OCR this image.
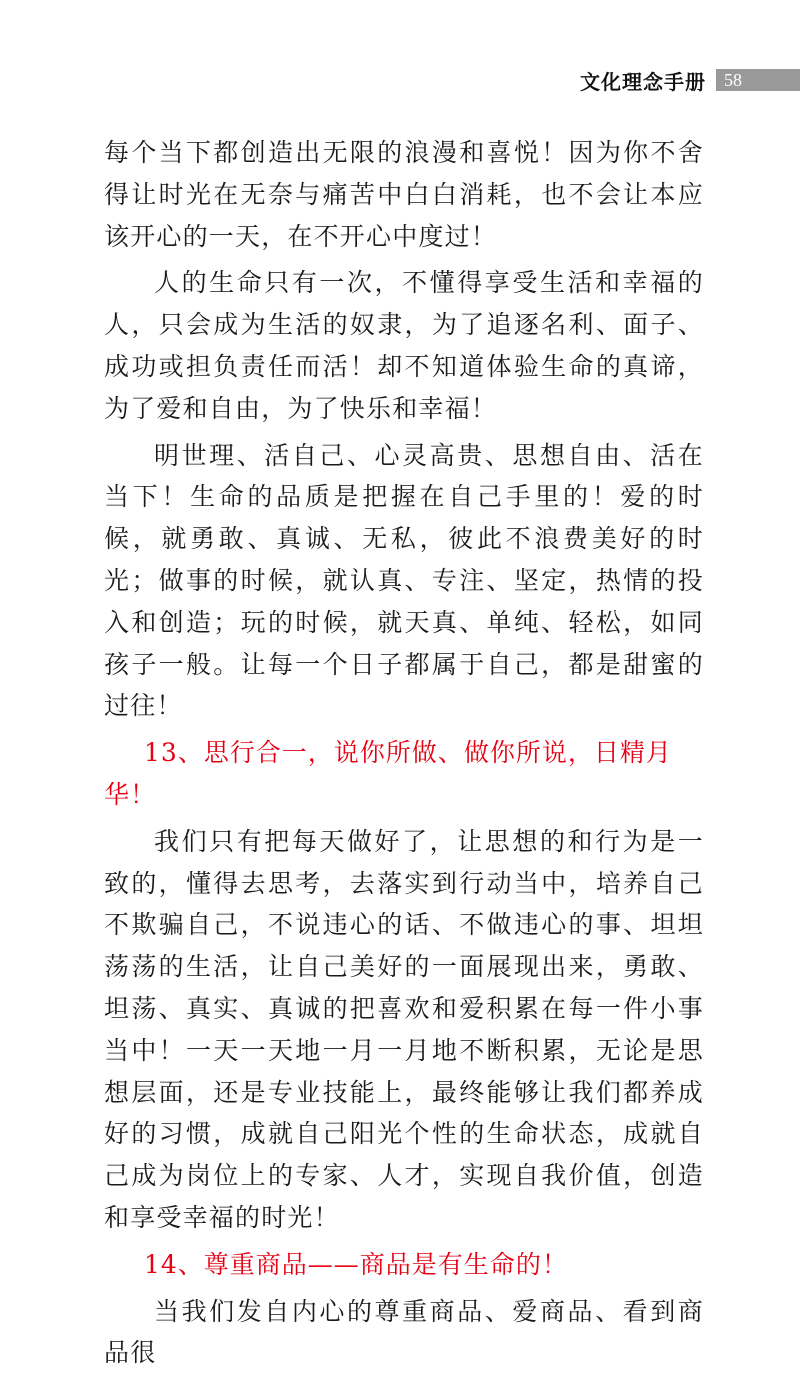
文化理念手册	58

每个当下都创造出无限的浪漫和喜悦！因为你不舍得让时光在无奈与痛苦中白白消耗，也不会让本应该开心的一天，在不开心中度过！

人的生命只有一次，不懂得享受生活和幸福的人，只会成为生活的奴隶，为了追逐名利、面子、成功或担负责任而活！却不知道体验生命的真谛，为了爱和自由，为了快乐和幸福！

明世理、活自己、心灵高贵、思想自由、活在当下！生命的品质是把握在自己手里的！爱的时候，就勇敢、真诚、无私，彼此不浪费美好的时光；做事的时候，就认真、专注、坚定，热情的投入和创造；玩的时候，就天真、单纯、轻松，如同孩子一般。让每一个日子都属于自己，都是甜蜜的过往！

13、思行合一，说你所做、做你所说，日精月华！

我们只有把每天做好了，让思想的和行为是一致的，懂得去思考，去落实到行动当中，培养自己不欺骗自己，不说违心的话、不做违心的事、坦坦荡荡的生活，让自己美好的一面展现出来，勇敢、坦荡、真实、真诚的把喜欢和爱积累在每一件小事当中！一天一天地一月一月地不断积累，无论是思想层面，还是专业技能上，最终能够让我们都养成好的习惯，成就自己阳光个性的生命状态，成就自己成为岗位上的专家、人才，实现自我价值，创造和享受幸福的时光！

14、尊重商品——商品是有生命的！

当我们发自内心的尊重商品、爱商品、看到商品很
